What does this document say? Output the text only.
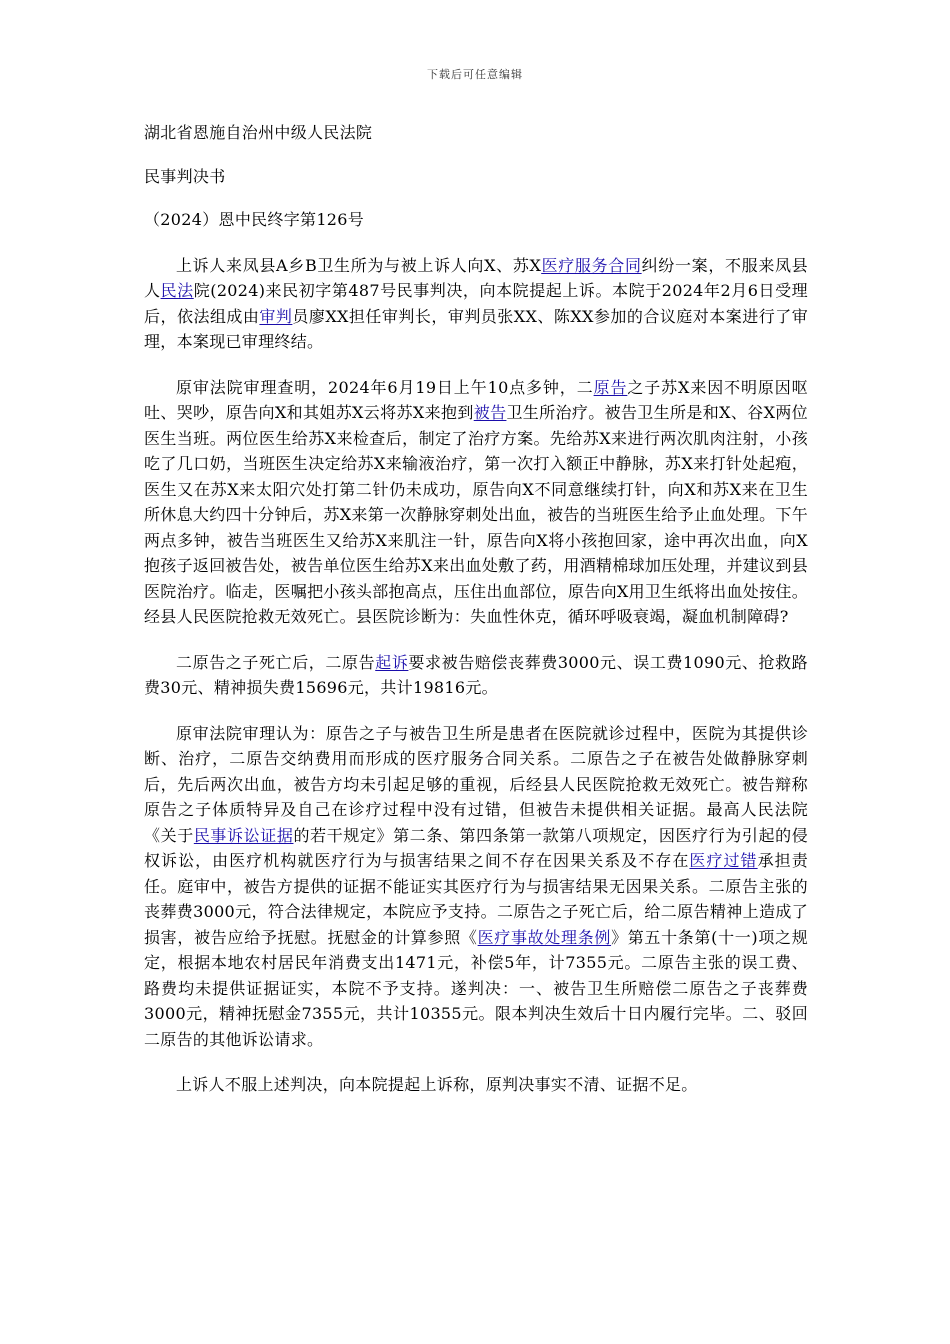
下载后可任意编辑

湖北省恩施自治州中级人民法院

民事判决书

（2024）恩中民终字第126号

上诉人来凤县A乡B卫生所为与被上诉人向X、苏X医疗服务合同纠纷一案，不服来凤县人民法院(2024)来民初字第487号民事判决，向本院提起上诉。本院于2024年2月6日受理后，依法组成由审判员廖XX担任审判长，审判员张XX、陈XX参加的合议庭对本案进行了审理，本案现已审理终结。

原审法院审理查明，2024年6月19日上午10点多钟，二原告之子苏X来因不明原因呕吐、哭吵，原告向X和其姐苏X云将苏X来抱到被告卫生所治疗。被告卫生所是和X、谷X两位医生当班。两位医生给苏X来检查后，制定了治疗方案。先给苏X来进行两次肌肉注射，小孩吃了几口奶，当班医生决定给苏X来输液治疗，第一次打入额正中静脉，苏X来打针处起疱，医生又在苏X来太阳穴处打第二针仍未成功，原告向X不同意继续打针，向X和苏X来在卫生所休息大约四十分钟后，苏X来第一次静脉穿刺处出血，被告的当班医生给予止血处理。下午两点多钟，被告当班医生又给苏X来肌注一针，原告向X将小孩抱回家，途中再次出血，向X抱孩子返回被告处，被告单位医生给苏X来出血处敷了药，用酒精棉球加压处理，并建议到县医院治疗。临走，医嘱把小孩头部抱高点，压住出血部位，原告向X用卫生纸将出血处按住。经县人民医院抢救无效死亡。县医院诊断为：失血性休克，循环呼吸衰竭，凝血机制障碍?

二原告之子死亡后，二原告起诉要求被告赔偿丧葬费3000元、误工费1090元、抢救路费30元、精神损失费15696元，共计19816元。

原审法院审理认为：原告之子与被告卫生所是患者在医院就诊过程中，医院为其提供诊断、治疗，二原告交纳费用而形成的医疗服务合同关系。二原告之子在被告处做静脉穿刺后，先后两次出血，被告方均未引起足够的重视，后经县人民医院抢救无效死亡。被告辩称原告之子体质特异及自己在诊疗过程中没有过错，但被告未提供相关证据。最高人民法院《关于民事诉讼证据的若干规定》第二条、第四条第一款第八项规定，因医疗行为引起的侵权诉讼，由医疗机构就医疗行为与损害结果之间不存在因果关系及不存在医疗过错承担责任。庭审中，被告方提供的证据不能证实其医疗行为与损害结果无因果关系。二原告主张的丧葬费3000元，符合法律规定，本院应予支持。二原告之子死亡后，给二原告精神上造成了损害，被告应给予抚慰。抚慰金的计算参照《医疗事故处理条例》第五十条第(十一)项之规定，根据本地农村居民年消费支出1471元，补偿5年，计7355元。二原告主张的误工费、路费均未提供证据证实，本院不予支持。遂判决：一、被告卫生所赔偿二原告之子丧葬费3000元，精神抚慰金7355元，共计10355元。限本判决生效后十日内履行完毕。二、驳回二原告的其他诉讼请求。

上诉人不服上述判决，向本院提起上诉称，原判决事实不清、证据不足。
